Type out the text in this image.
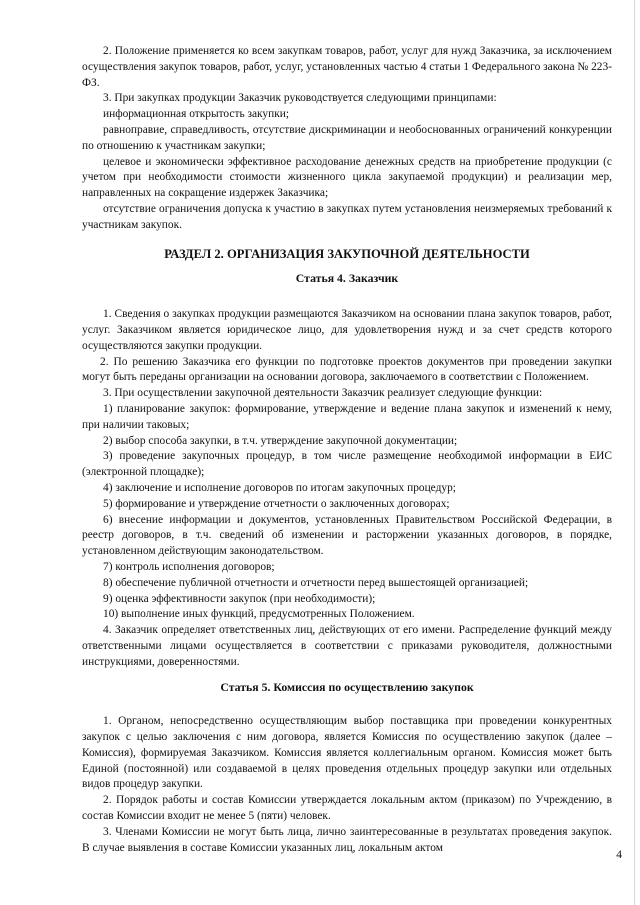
2. Положение применяется ко всем закупкам товаров, работ, услуг для нужд Заказчика, за исключением осуществления закупок товаров, работ, услуг, установленных частью 4 статьи 1 Федерального закона № 223-ФЗ.

3. При закупках продукции Заказчик руководствуется следующими принципами:

информационная открытость закупки;

равноправие, справедливость, отсутствие дискриминации и необоснованных ограничений конкуренции по отношению к участникам закупки;

целевое и экономически эффективное расходование денежных средств на приобретение продукции (с учетом при необходимости стоимости жизненного цикла закупаемой продукции) и реализации мер, направленных на сокращение издержек Заказчика;

отсутствие ограничения допуска к участию в закупках путем установления неизмеряемых требований к участникам закупок.

РАЗДЕЛ 2. ОРГАНИЗАЦИЯ ЗАКУПОЧНОЙ ДЕЯТЕЛЬНОСТИ
Статья 4. Заказчик

1. Сведения о закупках продукции размещаются Заказчиком на основании плана закупок товаров, работ, услуг. Заказчиком является юридическое лицо, для удовлетворения нужд и за счет средств которого осуществляются закупки продукции.

2. По решению Заказчика его функции по подготовке проектов документов при проведении закупки могут быть переданы организации на основании договора, заключаемого в соответствии с Положением.

3. При осуществлении закупочной деятельности Заказчик реализует следующие функции:

1) планирование закупок: формирование, утверждение и ведение плана закупок и изменений к нему, при наличии таковых;

2) выбор способа закупки, в т.ч. утверждение закупочной документации;

3) проведение закупочных процедур, в том числе размещение необходимой информации в ЕИС (электронной площадке);

4) заключение и исполнение договоров по итогам закупочных процедур;

5) формирование и утверждение отчетности о заключенных договорах;

6) внесение информации и документов, установленных Правительством Российской Федерации, в реестр договоров, в т.ч. сведений об изменении и расторжении указанных договоров, в порядке, установленном действующим законодательством.

7) контроль исполнения договоров;

8) обеспечение публичной отчетности и отчетности перед вышестоящей организацией;

9) оценка эффективности закупок (при необходимости);

10) выполнение иных функций, предусмотренных Положением.

4. Заказчик определяет ответственных лиц, действующих от его имени. Распределение функций между ответственными лицами осуществляется в соответствии с приказами руководителя, должностными инструкциями, доверенностями.

Статья 5. Комиссия по осуществлению закупок

1. Органом, непосредственно осуществляющим выбор поставщика при проведении конкурентных закупок с целью заключения с ним договора, является Комиссия по осуществлению закупок (далее – Комиссия), формируемая Заказчиком. Комиссия является коллегиальным органом. Комиссия может быть Единой (постоянной) или создаваемой в целях проведения отдельных процедур закупки или отдельных видов процедур закупки.

2. Порядок работы и состав Комиссии утверждается локальным актом (приказом) по Учреждению, в состав Комиссии входит не менее 5 (пяти) человек.

3. Членами Комиссии не могут быть лица, лично заинтересованные в результатах проведения закупок. В случае выявления в составе Комиссии указанных лиц, локальным актом

4
